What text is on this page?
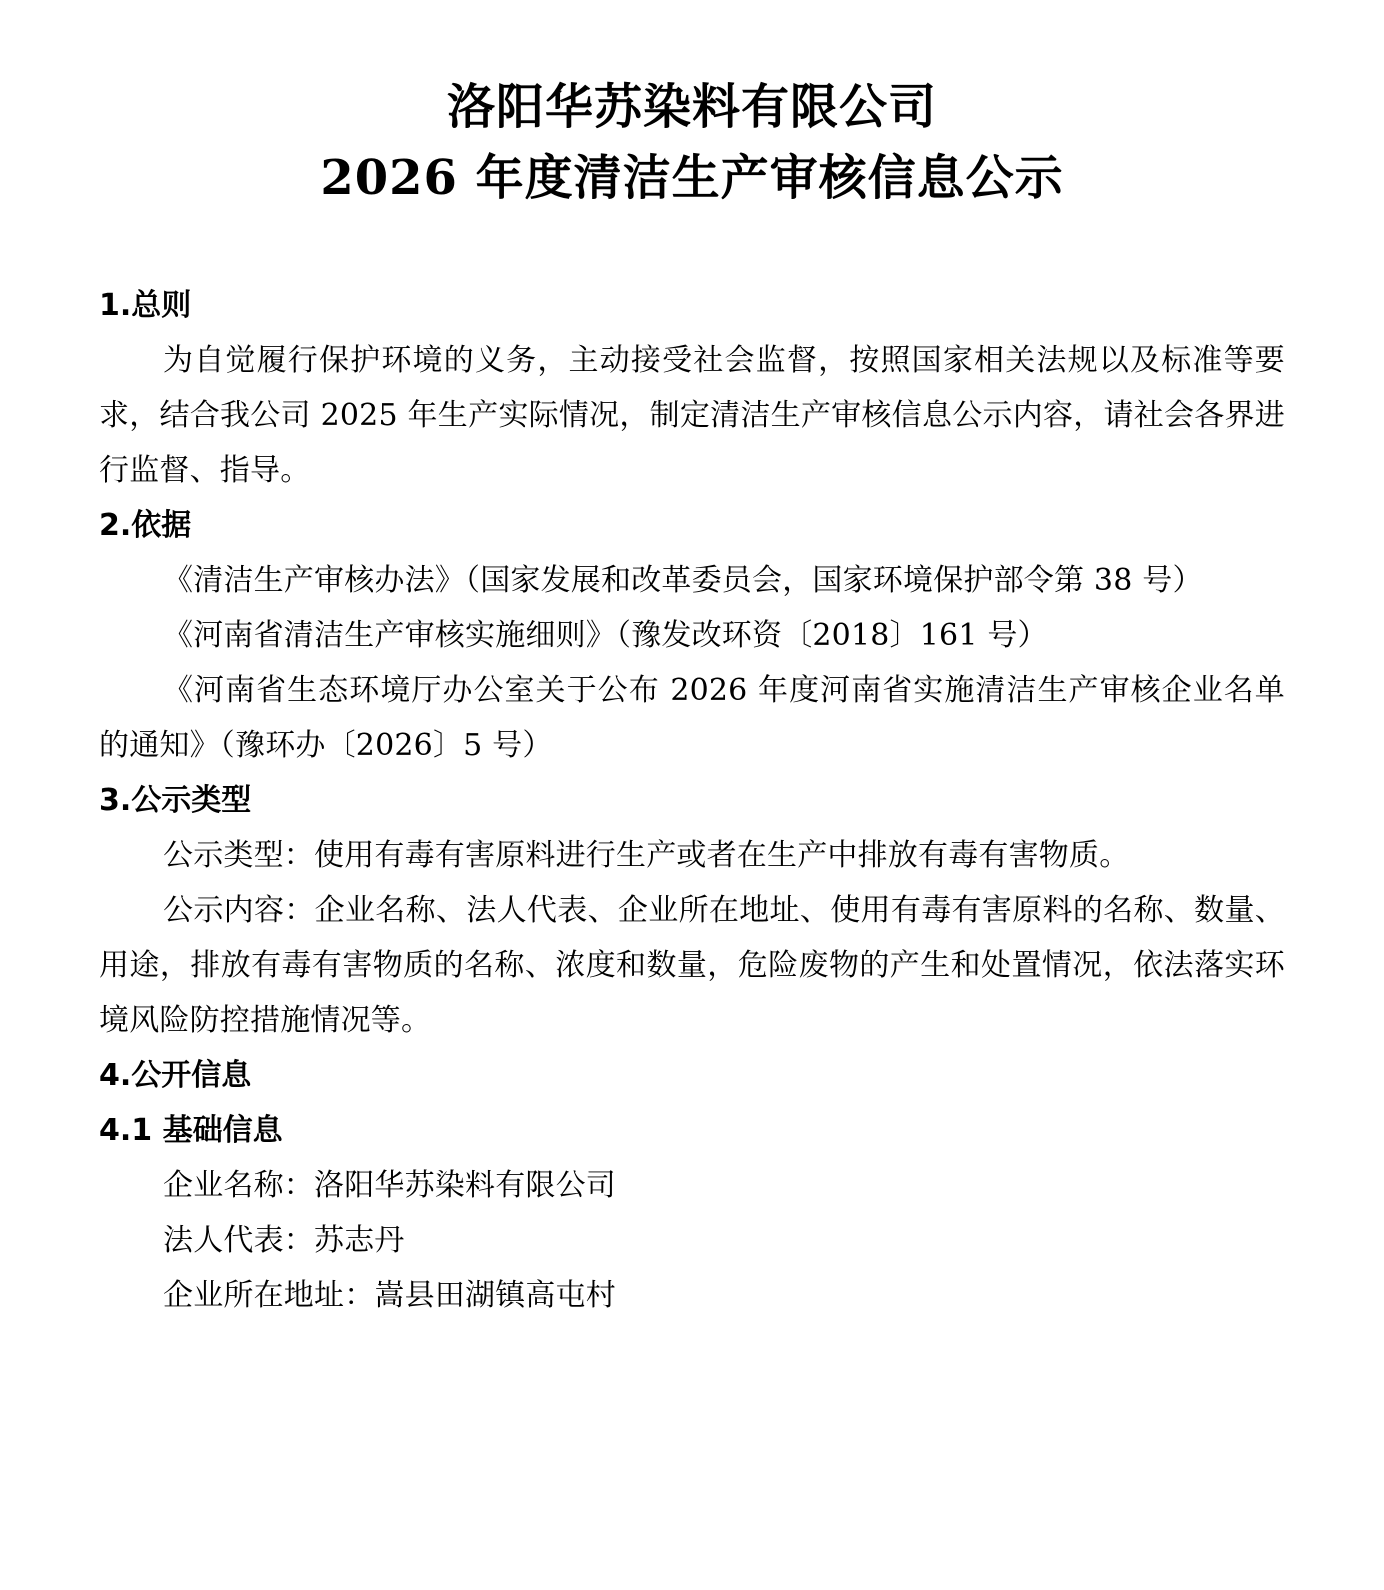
洛阳华苏染料有限公司
2026 年度清洁生产审核信息公示
1.总则

为自觉履行保护环境的义务，主动接受社会监督，按照国家相关法规以及标准等要求，结合我公司 2025 年生产实际情况，制定清洁生产审核信息公示内容，请社会各界进行监督、指导。

2.依据

《清洁生产审核办法》（国家发展和改革委员会，国家环境保护部令第 38 号）

《河南省清洁生产审核实施细则》（豫发改环资〔2018〕161 号）

《河南省生态环境厅办公室关于公布 2026 年度河南省实施清洁生产审核企业名单的通知》（豫环办〔2026〕5 号）

3.公示类型

公示类型：使用有毒有害原料进行生产或者在生产中排放有毒有害物质。

公示内容：企业名称、法人代表、企业所在地址、使用有毒有害原料的名称、数量、用途，排放有毒有害物质的名称、浓度和数量，危险废物的产生和处置情况，依法落实环境风险防控措施情况等。

4.公开信息
4.1 基础信息

企业名称：洛阳华苏染料有限公司

法人代表：苏志丹

企业所在地址：嵩县田湖镇高屯村
